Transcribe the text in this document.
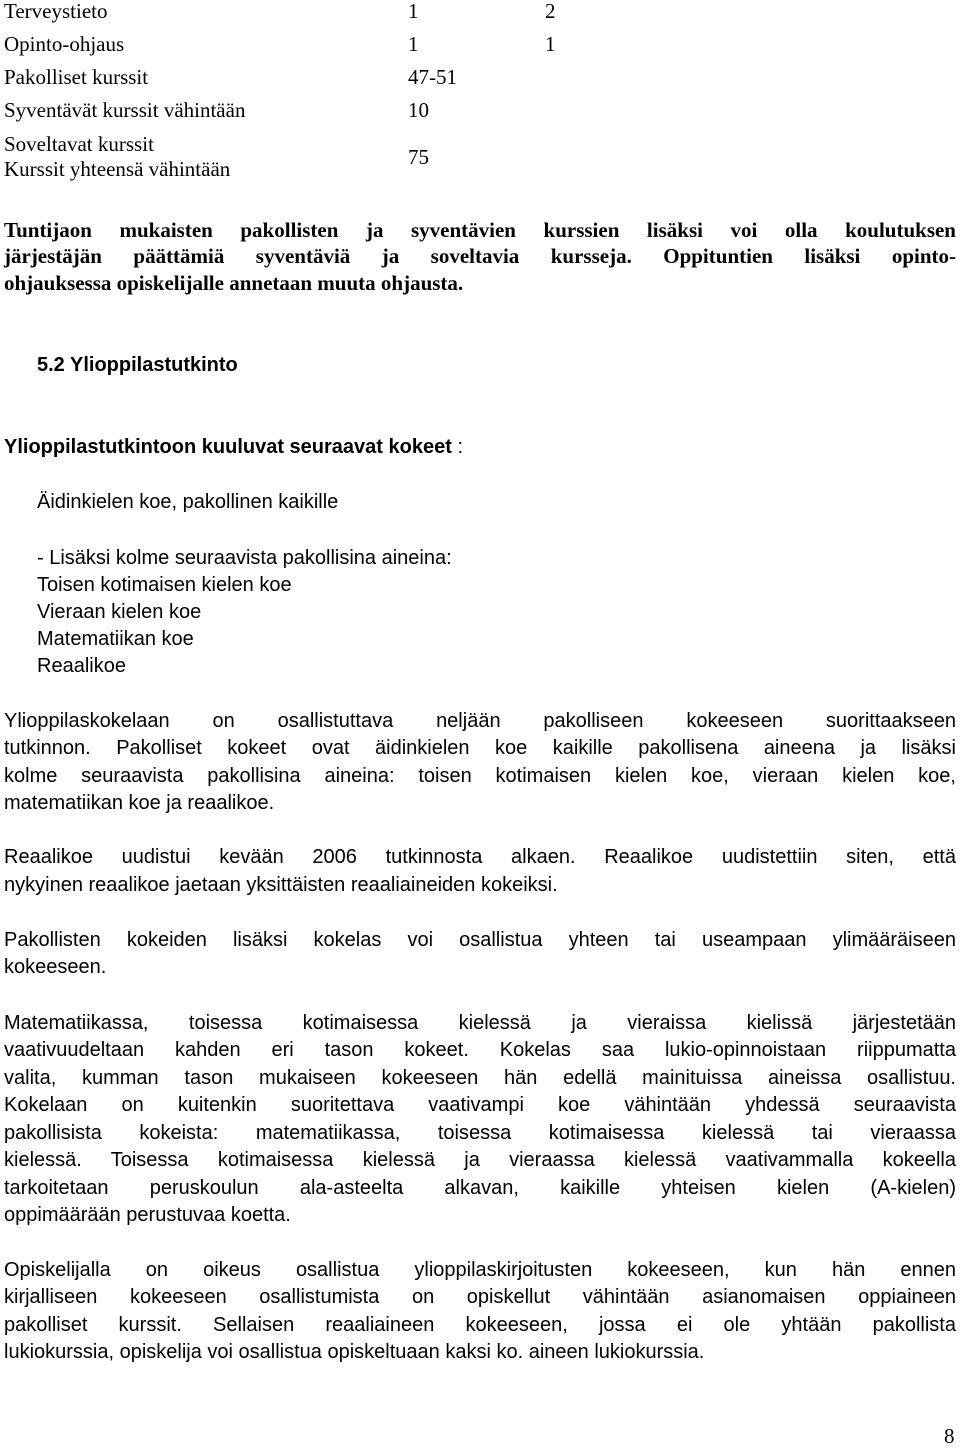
Terveystieto	1	2
Opinto-ohjaus	1	1
Pakolliset kurssit	47-51
Syventävät kurssit vähintään	10
Soveltavat kurssit
Kurssit yhteensä vähintään	75
Tuntijaon mukaisten pakollisten ja syventävien kurssien lisäksi voi olla koulutuksen
järjestäjän päättämiä syventäviä ja soveltavia kursseja. Oppituntien lisäksi opinto-
ohjauksessa opiskelijalle annetaan muuta ohjausta.
5.2 Ylioppilastutkinto
Ylioppilastutkintoon kuuluvat seuraavat kokeet :
Äidinkielen koe, pakollinen kaikille
- Lisäksi kolme seuraavista pakollisina aineina:
Toisen kotimaisen kielen koe
Vieraan kielen koe
Matematiikan koe
Reaalikoe
Ylioppilaskokelaan on osallistuttava neljään pakolliseen kokeeseen suorittaakseen
tutkinnon. Pakolliset kokeet ovat äidinkielen koe kaikille pakollisena aineena ja lisäksi
kolme seuraavista pakollisina aineina: toisen kotimaisen kielen koe, vieraan kielen koe,
matematiikan koe ja reaalikoe.
Reaalikoe uudistui kevään 2006 tutkinnosta alkaen. Reaalikoe uudistettiin siten, että
nykyinen reaalikoe jaetaan yksittäisten reaaliaineiden kokeiksi.
Pakollisten kokeiden lisäksi kokelas voi osallistua yhteen tai useampaan ylimääräiseen
kokeeseen.
Matematiikassa, toisessa kotimaisessa kielessä ja vieraissa kielissä järjestetään
vaativuudeltaan kahden eri tason kokeet. Kokelas saa lukio-opinnoistaan riippumatta
valita, kumman tason mukaiseen kokeeseen hän edellä mainituissa aineissa osallistuu.
Kokelaan on kuitenkin suoritettava vaativampi koe vähintään yhdessä seuraavista
pakollisista kokeista: matematiikassa, toisessa kotimaisessa kielessä tai vieraassa
kielessä. Toisessa kotimaisessa kielessä ja vieraassa kielessä vaativammalla kokeella
tarkoitetaan peruskoulun ala-asteelta alkavan, kaikille yhteisen kielen (A-kielen)
oppimäärään perustuvaa koetta.
Opiskelijalla on oikeus osallistua ylioppilaskirjoitusten kokeeseen, kun hän ennen
kirjalliseen kokeeseen osallistumista on opiskellut vähintään asianomaisen oppiaineen
pakolliset kurssit. Sellaisen reaaliaineen kokeeseen, jossa ei ole yhtään pakollista
lukiokurssia, opiskelija voi osallistua opiskeltuaan kaksi ko. aineen lukiokurssia.
8
